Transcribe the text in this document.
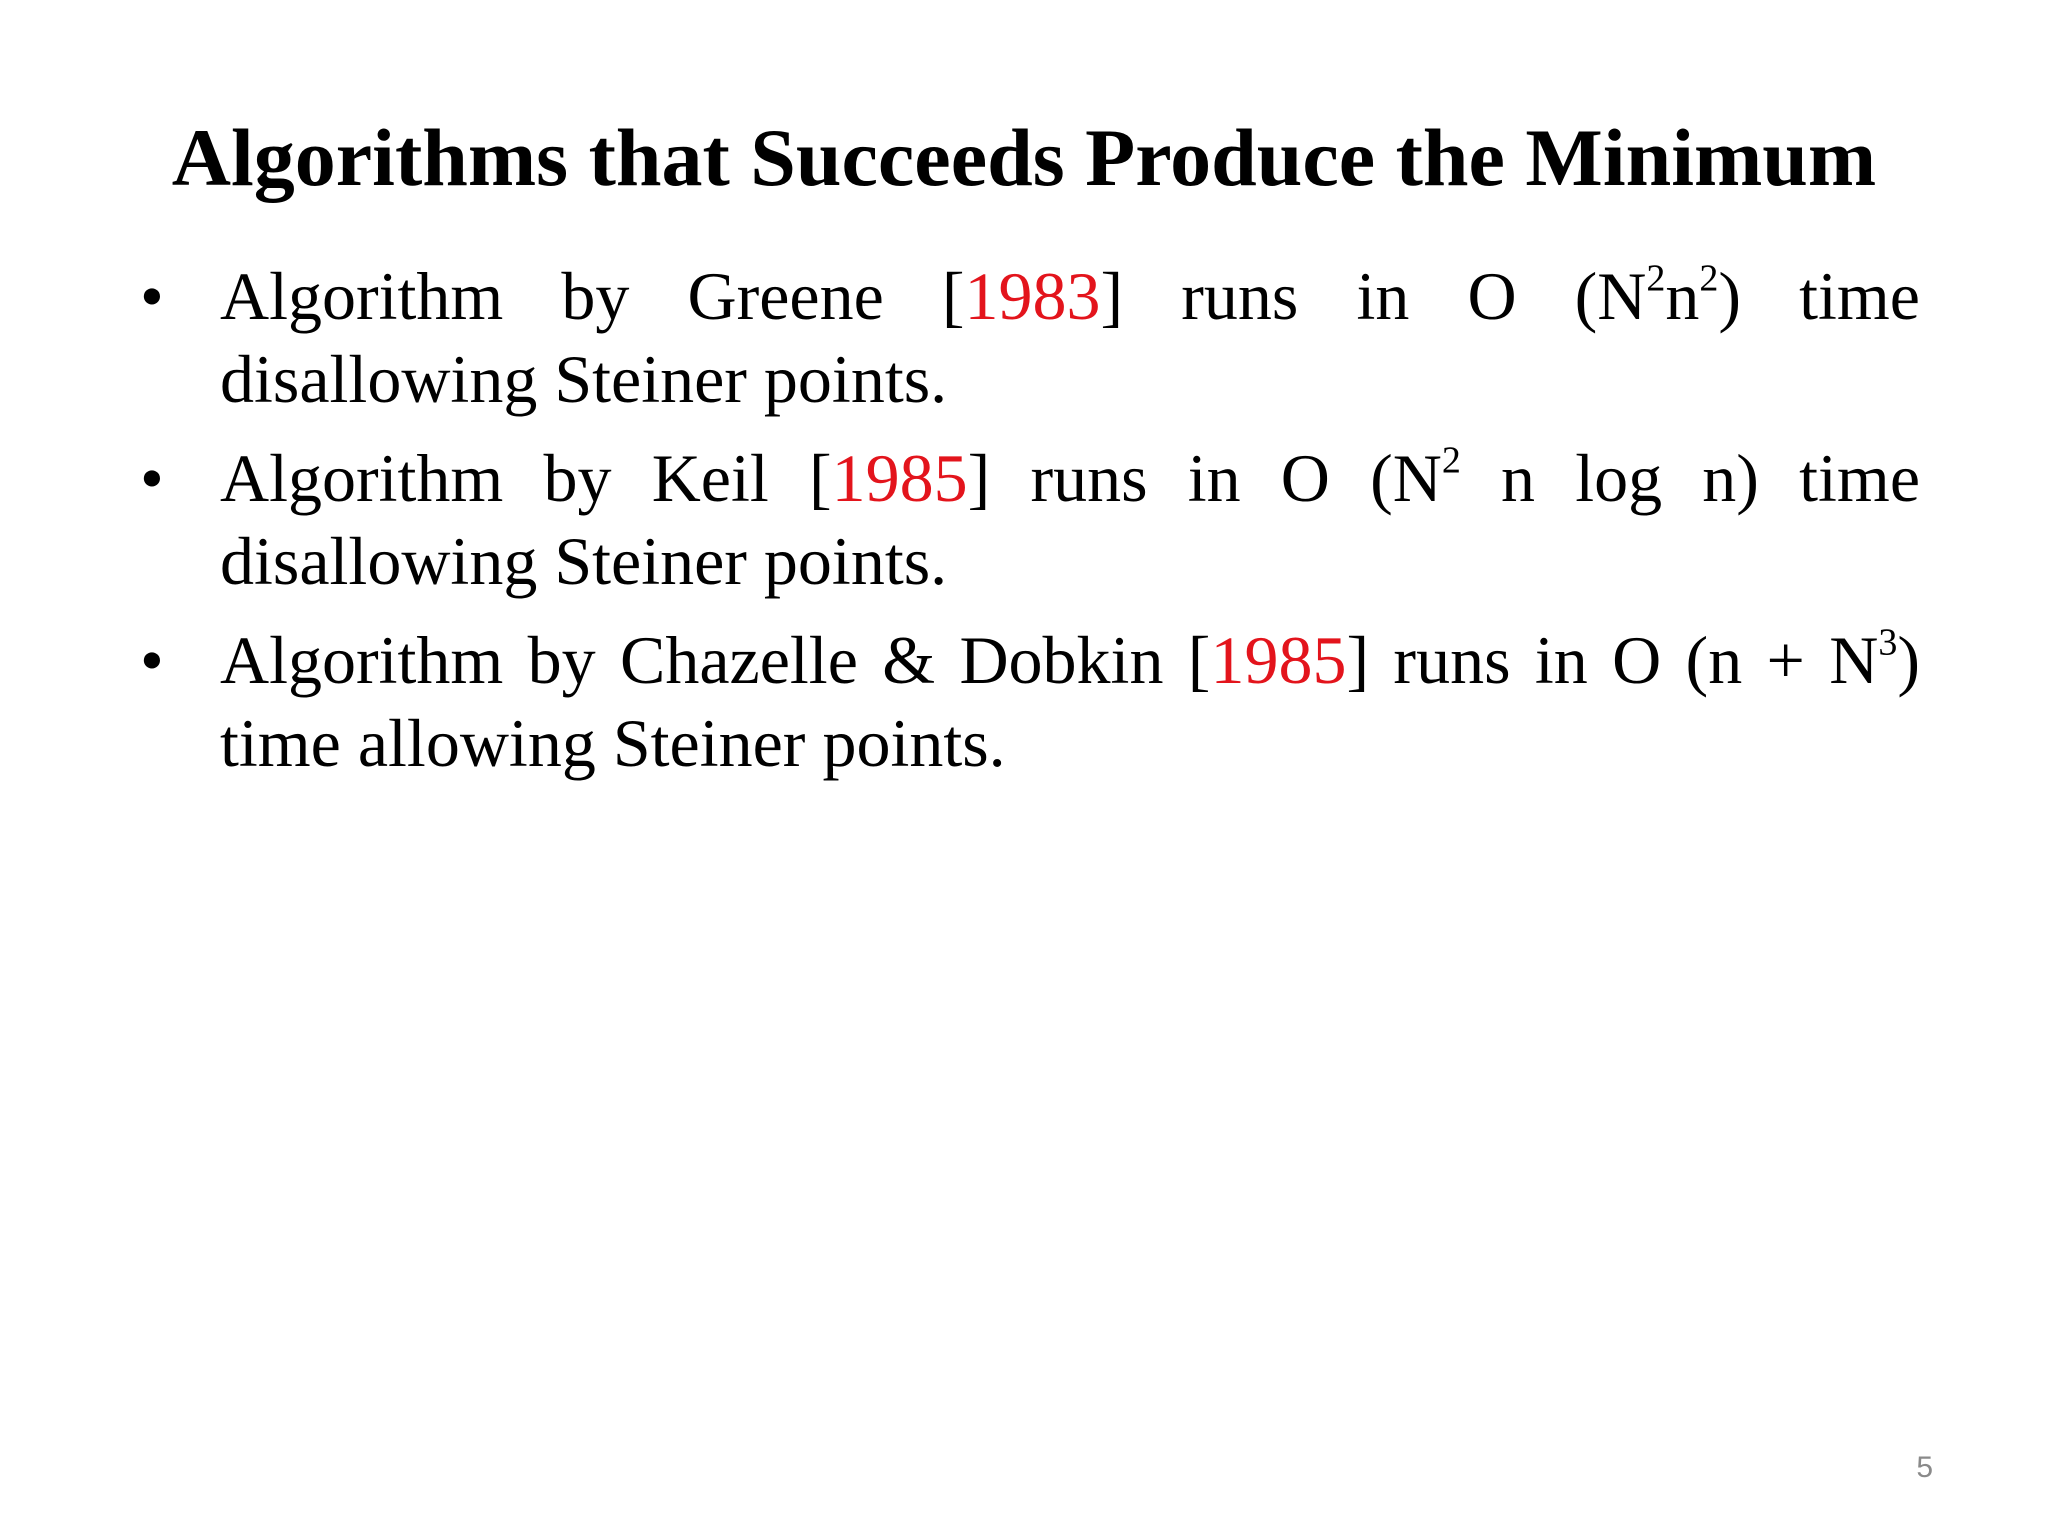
Algorithms that Succeeds Produce the Minimum
• Algorithm by Greene [1983] runs in O $(N^2n^2)$ time
disallowing Steiner points.
• Algorithm by Keil [1985] runs in O ($N^2$ n log n) time
disallowing Steiner points.
• Algorithm by Chazelle & Dobkin [1985] runs in O $(n + N^3)$
time allowing Steiner points.
5
